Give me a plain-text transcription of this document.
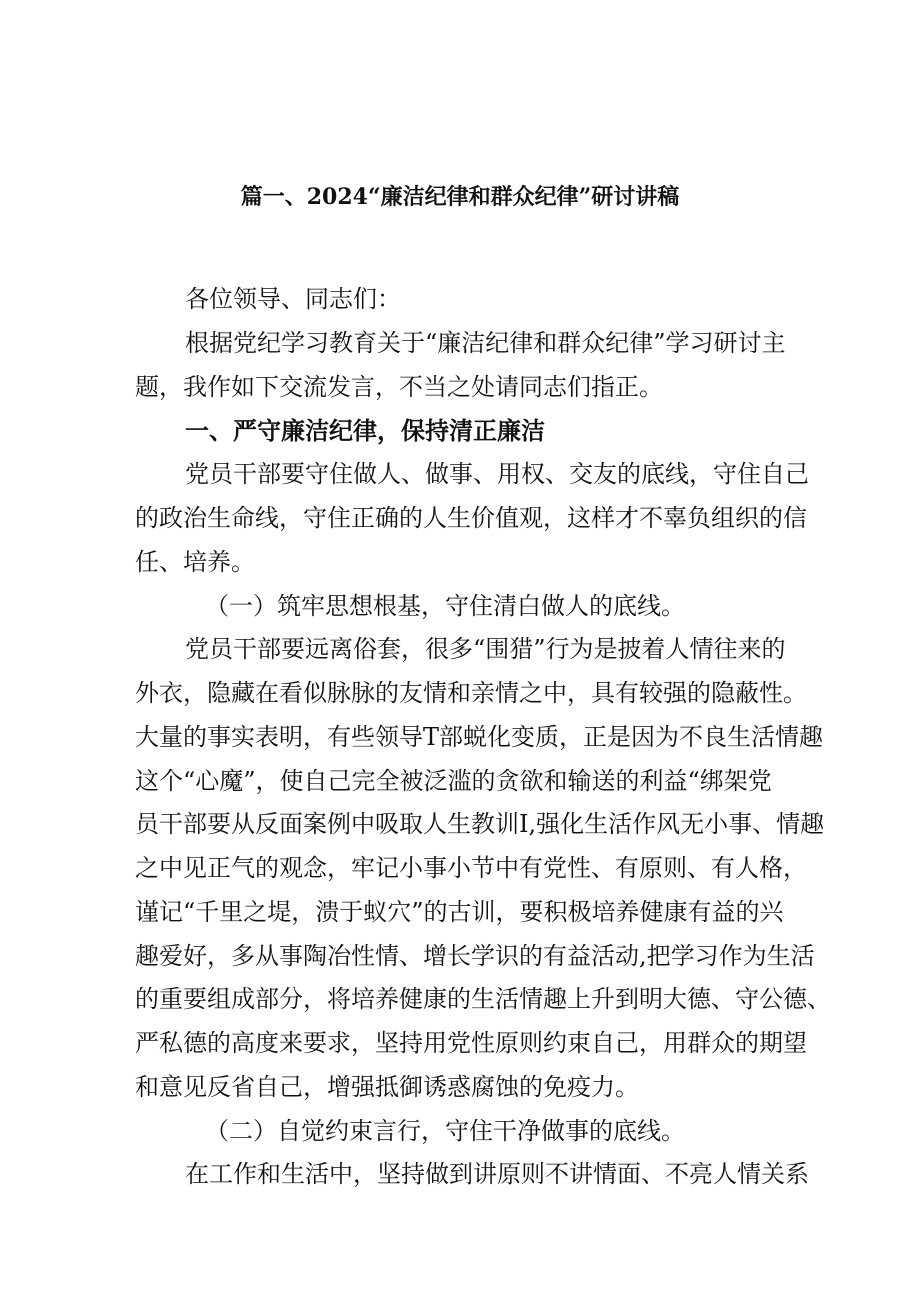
篇一、2024“廉洁纪律和群众纪律”研讨讲稿
各位领导、同志们：
根据党纪学习教育关于“廉洁纪律和群众纪律”学习研讨主
题，我作如下交流发言，不当之处请同志们指正。
一、严守廉洁纪律，保持清正廉洁
党员干部要守住做人、做事、用权、交友的底线，守住自己
的政治生命线，守住正确的人生价值观，这样才不辜负组织的信
任、培养。
（一）筑牢思想根基，守住清白做人的底线。
党员干部要远离俗套，很多“围猎”行为是披着人情往来的
外衣，隐藏在看似脉脉的友情和亲情之中，具有较强的隐蔽性。
大量的事实表明，有些领导T部蜕化变质，正是因为不良生活情趣
这个“心魔”，使自己完全被泛滥的贪欲和输送的利益“绑架党
员干部要从反面案例中吸取人生教训I,强化生活作风无小事、情趣
之中见正气的观念，牢记小事小节中有党性、有原则、有人格，
谨记“千里之堤，溃于蚁穴”的古训，要积极培养健康有益的兴
趣爱好，多从事陶冶性情、增长学识的有益活动,把学习作为生活
的重要组成部分，将培养健康的生活情趣上升到明大德、守公德、
严私德的高度来要求，坚持用党性原则约束自己，用群众的期望
和意见反省自己，增强抵御诱惑腐蚀的免疫力。
（二）自觉约束言行，守住干净做事的底线。
在工作和生活中，坚持做到讲原则不讲情面、不亮人情关系
